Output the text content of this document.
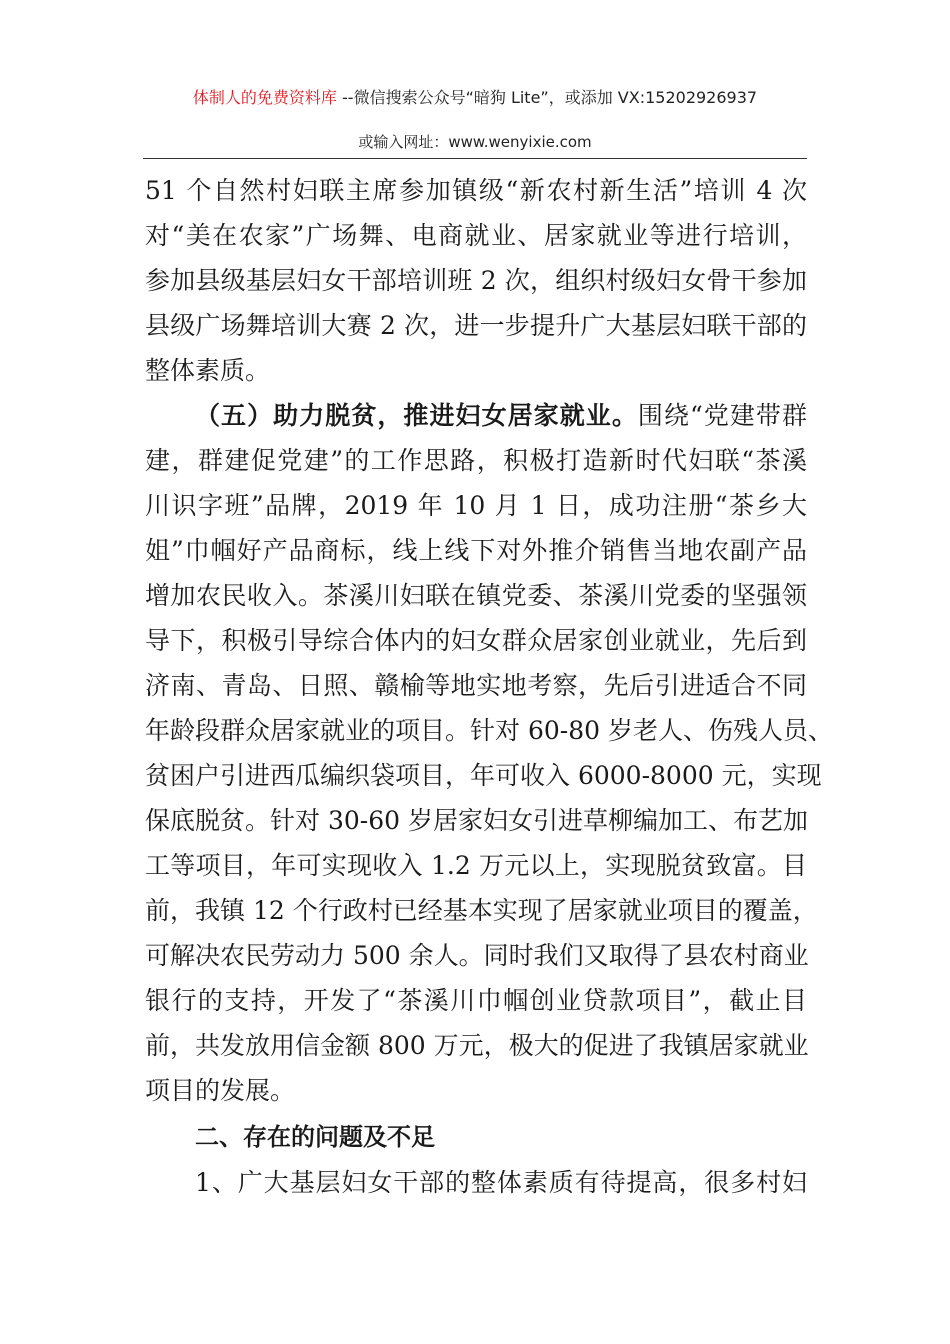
体制人的免费资料库 --微信搜索公众号“暗狗 Lite”，或添加 VX:15202926937
或输入网址：www.wenyixie.com
51 个自然村妇联主席参加镇级“新农村新生活”培训 4 次
对“美在农家”广场舞、电商就业、居家就业等进行培训，
参加县级基层妇女干部培训班 2 次，组织村级妇女骨干参加
县级广场舞培训大赛 2 次，进一步提升广大基层妇联干部的
整体素质。
（五）助力脱贫，推进妇女居家就业。围绕“党建带群
建，群建促党建”的工作思路，积极打造新时代妇联“茶溪
川识字班”品牌，2019 年 10 月 1 日，成功注册“茶乡大
姐”巾帼好产品商标，线上线下对外推介销售当地农副产品
增加农民收入。茶溪川妇联在镇党委、茶溪川党委的坚强领
导下，积极引导综合体内的妇女群众居家创业就业，先后到
济南、青岛、日照、赣榆等地实地考察，先后引进适合不同
年龄段群众居家就业的项目。针对 60-80 岁老人、伤残人员、
贫困户引进西瓜编织袋项目，年可收入 6000-8000 元，实现
保底脱贫。针对 30-60 岁居家妇女引进草柳编加工、布艺加
工等项目，年可实现收入 1.2 万元以上，实现脱贫致富。目
前，我镇 12 个行政村已经基本实现了居家就业项目的覆盖，
可解决农民劳动力 500 余人。同时我们又取得了县农村商业
银行的支持，开发了“茶溪川巾帼创业贷款项目”，截止目
前，共发放用信金额 800 万元，极大的促进了我镇居家就业
项目的发展。
二、存在的问题及不足
1、广大基层妇女干部的整体素质有待提高，很多村妇
